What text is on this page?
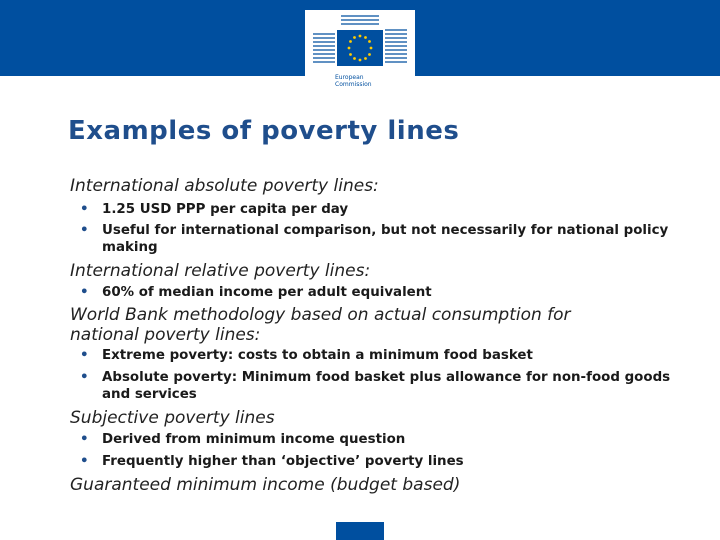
European
Commission
Examples of poverty lines
International absolute poverty lines:
•	1.25 USD PPP per capita per day
•	Useful for international comparison, but not necessarily for national policy making
International relative poverty lines:
•	60% of median income per adult equivalent
World Bank methodology based on actual consumption for national poverty lines:
•	Extreme poverty: costs to obtain a minimum food basket
•	Absolute poverty: Minimum food basket plus allowance for non-food goods and services
Subjective poverty lines
•	Derived from minimum income question
•	Frequently higher than ‘objective’ poverty lines
Guaranteed minimum income (budget based)
